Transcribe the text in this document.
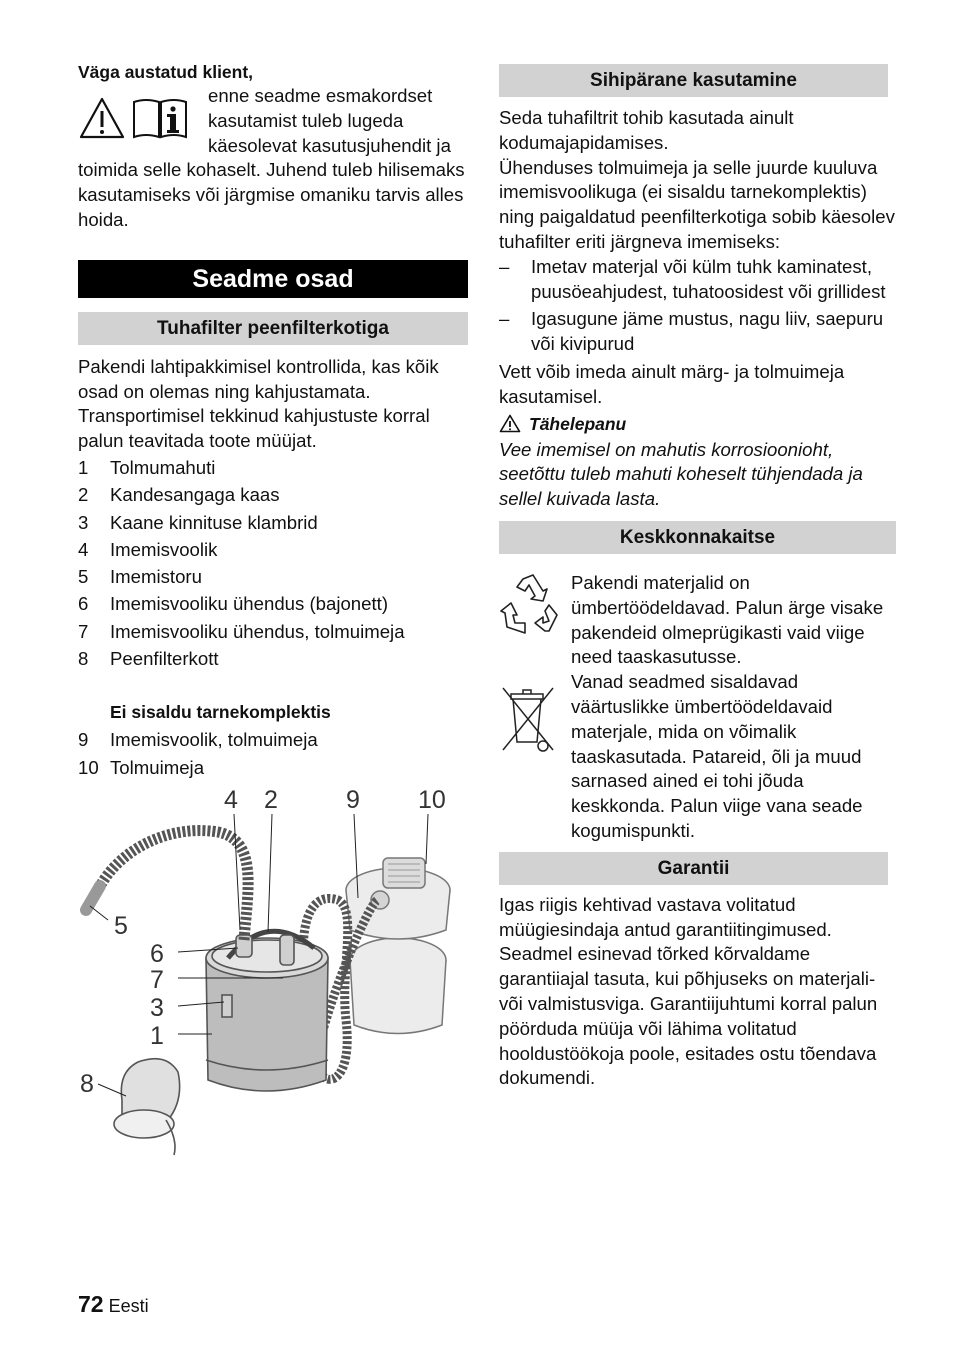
Väga austatud klient,

enne seadme esmakordset

kasutamist tuleb lugeda

käesolevat kasutusjuhendit ja

toimida selle kohaselt. Juhend tuleb hilisemaks kasutamiseks või järgmise omaniku tarvis alles hoida.

Seadme osad
Tuhafilter peenfilterkotiga

Pakendi lahtipakkimisel kontrollida, kas kõik osad on olemas ning kahjustamata. Transportimisel tekkinud kahjustuste korral palun teavitada toote müüjat.

1	Tolmumahuti
2	Kandesangaga kaas
3	Kaane kinnituse klambrid
4	Imemisvoolik
5	Imemistoru
6	Imemisvooliku ühendus (bajonett)
7	Imemisvooliku ühendus, tolmuimeja
8	Peenfilterkott
Ei sisaldu tarnekomplektis
9	Imemisvoolik, tolmuimeja
10 Tolmuimeja
4 2	9 10
5
6
7
3
1
8
Sihipärane kasutamine

Seda tuhafiltrit tohib kasutada ainult kodumajapidamises.

Ühenduses tolmuimeja ja selle juurde kuuluva imemisvoolikuga (ei sisaldu tarnekomplektis) ning paigaldatud peenfilterkotiga sobib käesolev tuhafilter eriti järgneva imemiseks:

–	Imetav materjal või külm tuhk kaminatest, puusöeahjudest, tuhatoosidest või grillidest
–	Igasugune jäme mustus, nagu liiv, saepuru või kivipurud

Vett võib imeda ainult märg- ja tolmuimeja kasutamisel.

Tähelepanu

Vee imemisel on mahutis korrosioonioht, seetõttu tuleb mahuti koheselt tühjendada ja sellel kuivada lasta.

Keskkonnakaitse

Pakendi materjalid on ümbertöödeldavad. Palun ärge visake pakendeid olmeprügikasti vaid viige need taaskasutusse.

Vanad seadmed sisaldavad väärtuslikke ümbertöödeldavaid materjale, mida on võimalik taaskasutada. Patareid, õli ja muud sarnased ained ei tohi jõuda keskkonda. Palun viige vana seade kogumispunkti.

Garantii

Igas riigis kehtivad vastava volitatud müügiesindaja antud garantiitingimused. Seadmel esinevad tõrked kõrvaldame garantiiajal tasuta, kui põhjuseks on materjali- või valmistusviga. Garantiijuhtumi korral palun pöörduda müüja või lähima volitatud hooldustöökoja poole, esitades ostu tõendava dokumendi.

72 Eesti
